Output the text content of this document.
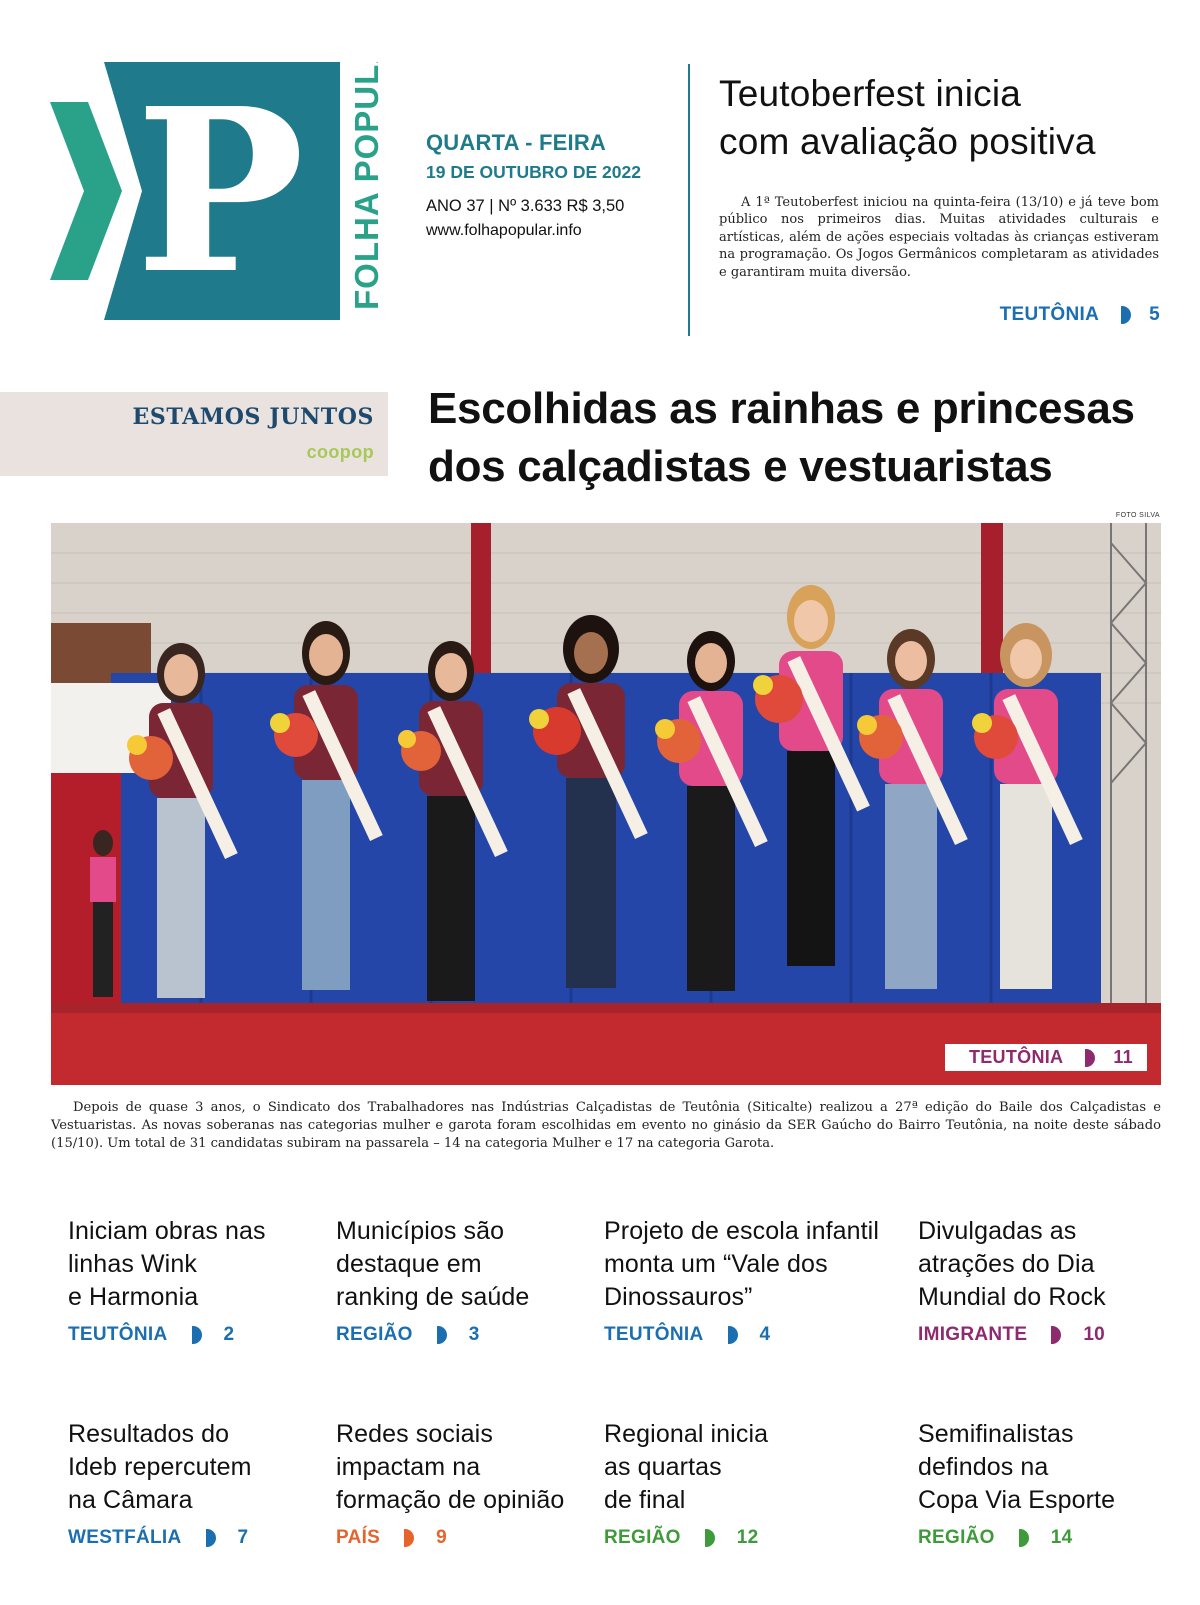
P FOLHA POPULAR QUARTA - FEIRA
19 DE OUTUBRO DE 2022
ANO 37 | Nº 3.633 R$ 3,50
www.folhapopular.info
Teutoberfest inicia
com avaliação positiva

A 1ª Teutoberfest iniciou na quinta-feira (13/10) e já teve bom público nos primeiros dias. Muitas atividades culturais e artísticas, além de ações especiais voltadas às crianças estiveram na programação. Os Jogos Germânicos completaram as atividades e garantiram muita diversão.

TEUTÔNIA	5
ESTAMOS JUNTOS
coopop
Escolhidas as rainhas e princesas
dos calçadistas e vestuaristas
FOTO SILVA
TEUTÔNIA	11

Depois de quase 3 anos, o Sindicato dos Trabalhadores nas Indústrias Calçadistas de Teutônia (Siticalte) realizou a 27ª edição do Baile dos Calçadistas e Vestuaristas. As novas soberanas nas categorias mulher e garota foram escolhidas em evento no ginásio da SER Gaúcho do Bairro Teutônia, na noite deste sábado (15/10). Um total de 31 candidatas subiram na passarela – 14 na categoria Mulher e 17 na categoria Garota.

Iniciam obras nas
linhas Wink
e Harmonia
TEUTÔNIA	2
Municípios são
destaque em
ranking de saúde
REGIÃO	3
Projeto de escola infantil
monta um “Vale dos
Dinossauros”
TEUTÔNIA	4
Divulgadas as
atrações do Dia
Mundial do Rock
IMIGRANTE	10
Resultados do
Ideb repercutem
na Câmara
WESTFÁLIA	7
Redes sociais
impactam na
formação de opinião
PAÍS	9
Regional inicia
as quartas
de final
REGIÃO	12
Semifinalistas
defindos na
Copa Via Esporte
REGIÃO	14
